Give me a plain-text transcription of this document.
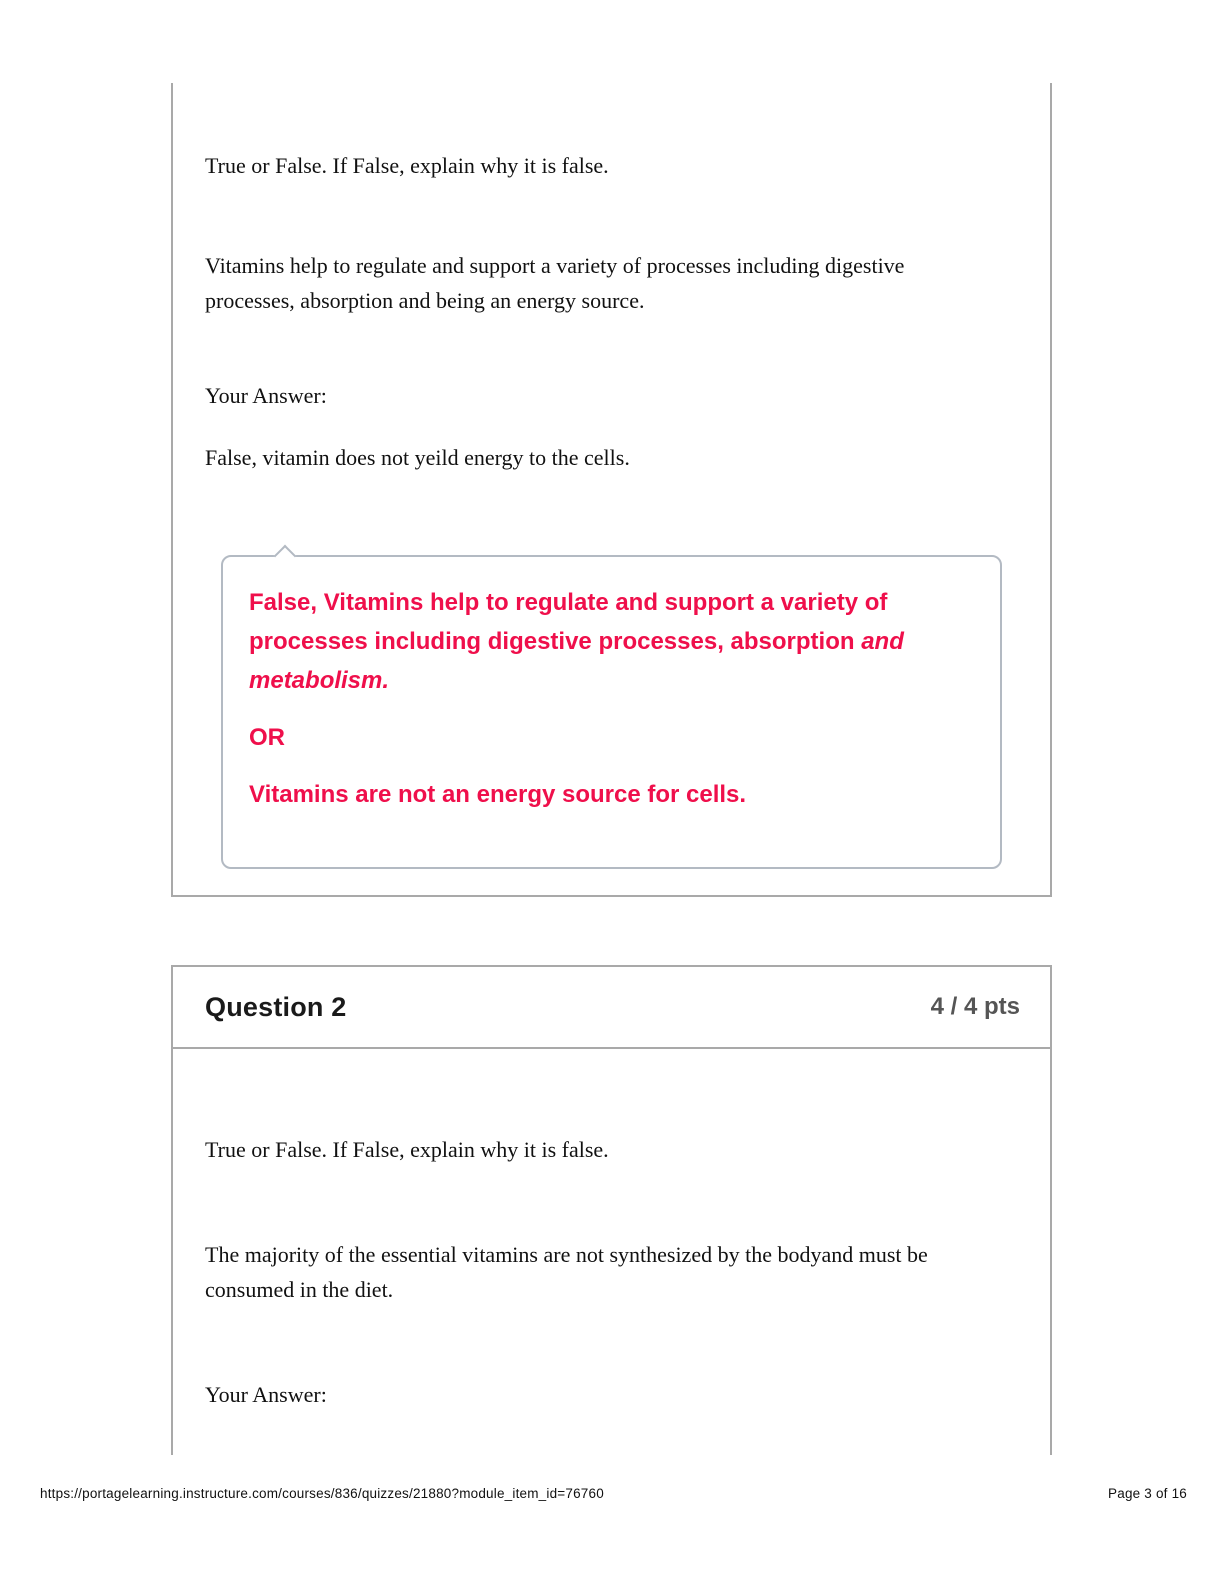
True or False. If False, explain why it is false.

Vitamins help to regulate and support a variety of processes including digestive processes, absorption and being an energy source.

Your Answer:

False, vitamin does not yeild energy to the cells.

False, Vitamins help to regulate and support a variety of processes including digestive processes, absorption and metabolism.

OR

Vitamins are not an energy source for cells.

Question 2	4 / 4 pts

True or False. If False, explain why it is false.

The majority of the essential vitamins are not synthesized by the bodyand must be consumed in the diet.

Your Answer:

https://portagelearning.instructure.com/courses/836/quizzes/21880?module_item_id=76760	Page 3 of 16
